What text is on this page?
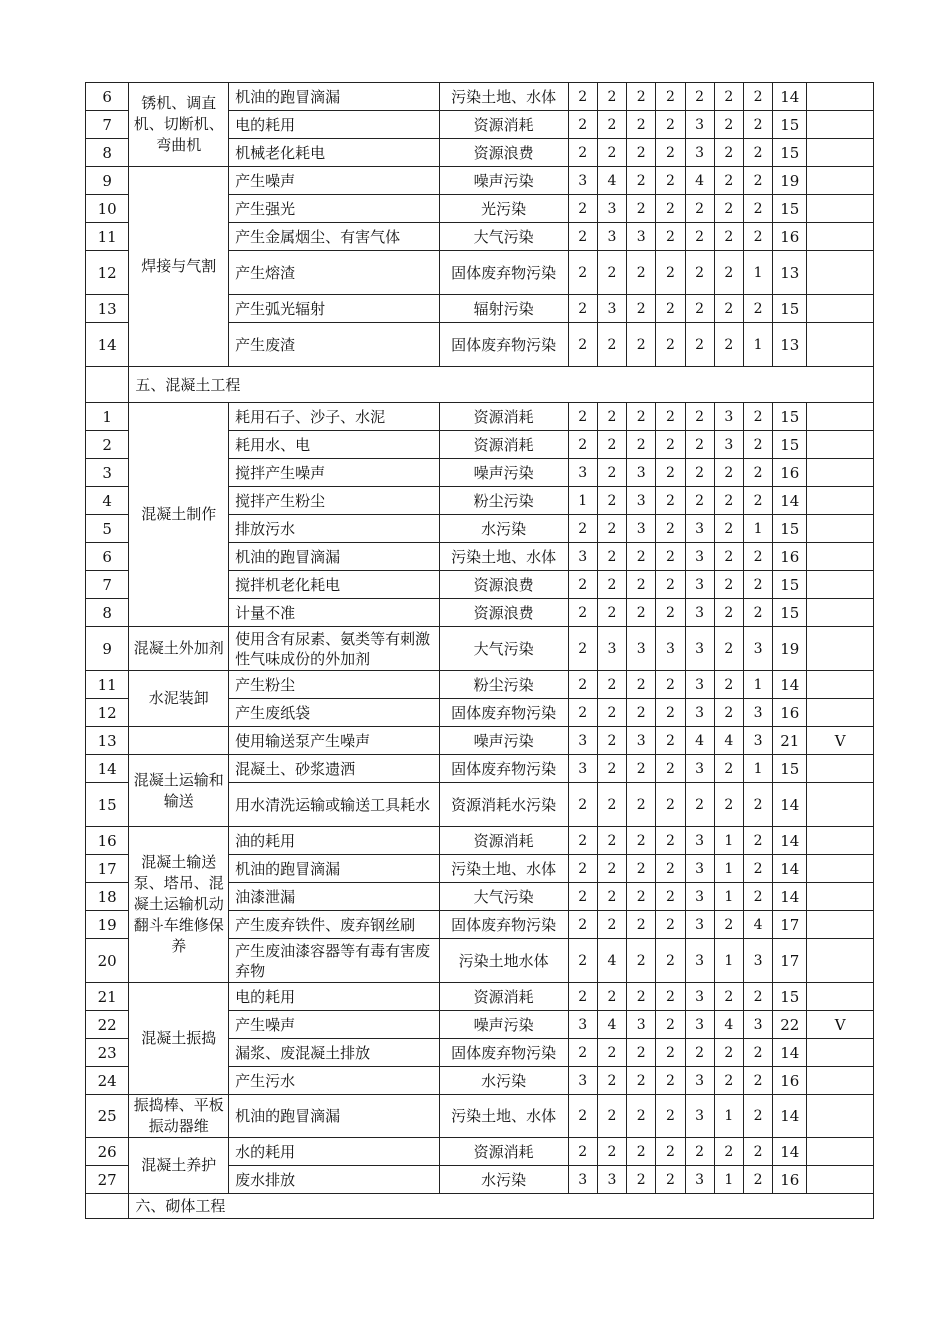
6	锈机、调直机、切断机、弯曲机	机油的跑冒滴漏	污染土地、水体	2	2	2	2	2	2	2	14	
7		电的耗用	资源消耗	2	2	2	2	3	2	2	15	
8		机械老化耗电	资源浪费	2	2	2	2	3	2	2	15	
9	焊接与气割	产生噪声	噪声污染	3	4	2	2	4	2	2	19	
10		产生强光	光污染	2	3	2	2	2	2	2	15	
11		产生金属烟尘、有害气体	大气污染	2	3	3	2	2	2	2	16	
12		产生熔渣	固体废弃物污染	2	2	2	2	2	2	1	13	
13		产生弧光辐射	辐射污染	2	3	2	2	2	2	2	15	
14		产生废渣	固体废弃物污染	2	2	2	2	2	2	1	13	
	五、混凝土工程											
1	混凝土制作	耗用石子、沙子、水泥	资源消耗	2	2	2	2	2	3	2	15	
2		耗用水、电	资源消耗	2	2	2	2	2	3	2	15	
3		搅拌产生噪声	噪声污染	3	2	3	2	2	2	2	16	
4		搅拌产生粉尘	粉尘污染	1	2	3	2	2	2	2	14	
5		排放污水	水污染	2	2	3	2	3	2	1	15	
6		机油的跑冒滴漏	污染土地、水体	3	2	2	2	3	2	2	16	
7		搅拌机老化耗电	资源浪费	2	2	2	2	3	2	2	15	
8		计量不准	资源浪费	2	2	2	2	3	2	2	15	
9	混凝土外加剂	使用含有尿素、氨类等有刺激性气味成份的外加剂	大气污染	2	3	3	3	3	2	3	19	
11	水泥装卸	产生粉尘	粉尘污染	2	2	2	2	3	2	1	14	
12		产生废纸袋	固体废弃物污染	2	2	2	2	3	2	3	16	
13		使用输送泵产生噪声	噪声污染	3	2	3	2	4	4	3	21	V
14	混凝土运输和输送	混凝土、砂浆遗洒	固体废弃物污染	3	2	2	2	3	2	1	15	
15		用水清洗运输或输送工具耗水	资源消耗水污染	2	2	2	2	2	2	2	14	
16	混凝土输送泵、塔吊、混凝土运输机动翻斗车维修保养	油的耗用	资源消耗	2	2	2	2	3	1	2	14	
17		机油的跑冒滴漏	污染土地、水体	2	2	2	2	3	1	2	14	
18		油漆泄漏	大气污染	2	2	2	2	3	1	2	14	
19		产生废弃铁件、废弃钢丝刷	固体废弃物污染	2	2	2	2	3	2	4	17	
20		产生废油漆容器等有毒有害废弃物	污染土地水体	2	4	2	2	3	1	3	17	
21	混凝土振捣	电的耗用	资源消耗	2	2	2	2	3	2	2	15	
22		产生噪声	噪声污染	3	4	3	2	3	4	3	22	V
23		漏浆、废混凝土排放	固体废弃物污染	2	2	2	2	2	2	2	14	
24		产生污水	水污染	3	2	2	2	3	2	2	16	
25	振捣棒、平板振动器维	机油的跑冒滴漏	污染土地、水体	2	2	2	2	3	1	2	14	
26	混凝土养护	水的耗用	资源消耗	2	2	2	2	2	2	2	14	
27		废水排放	水污染	3	3	2	2	3	1	2	16	
	六、砌体工程											
